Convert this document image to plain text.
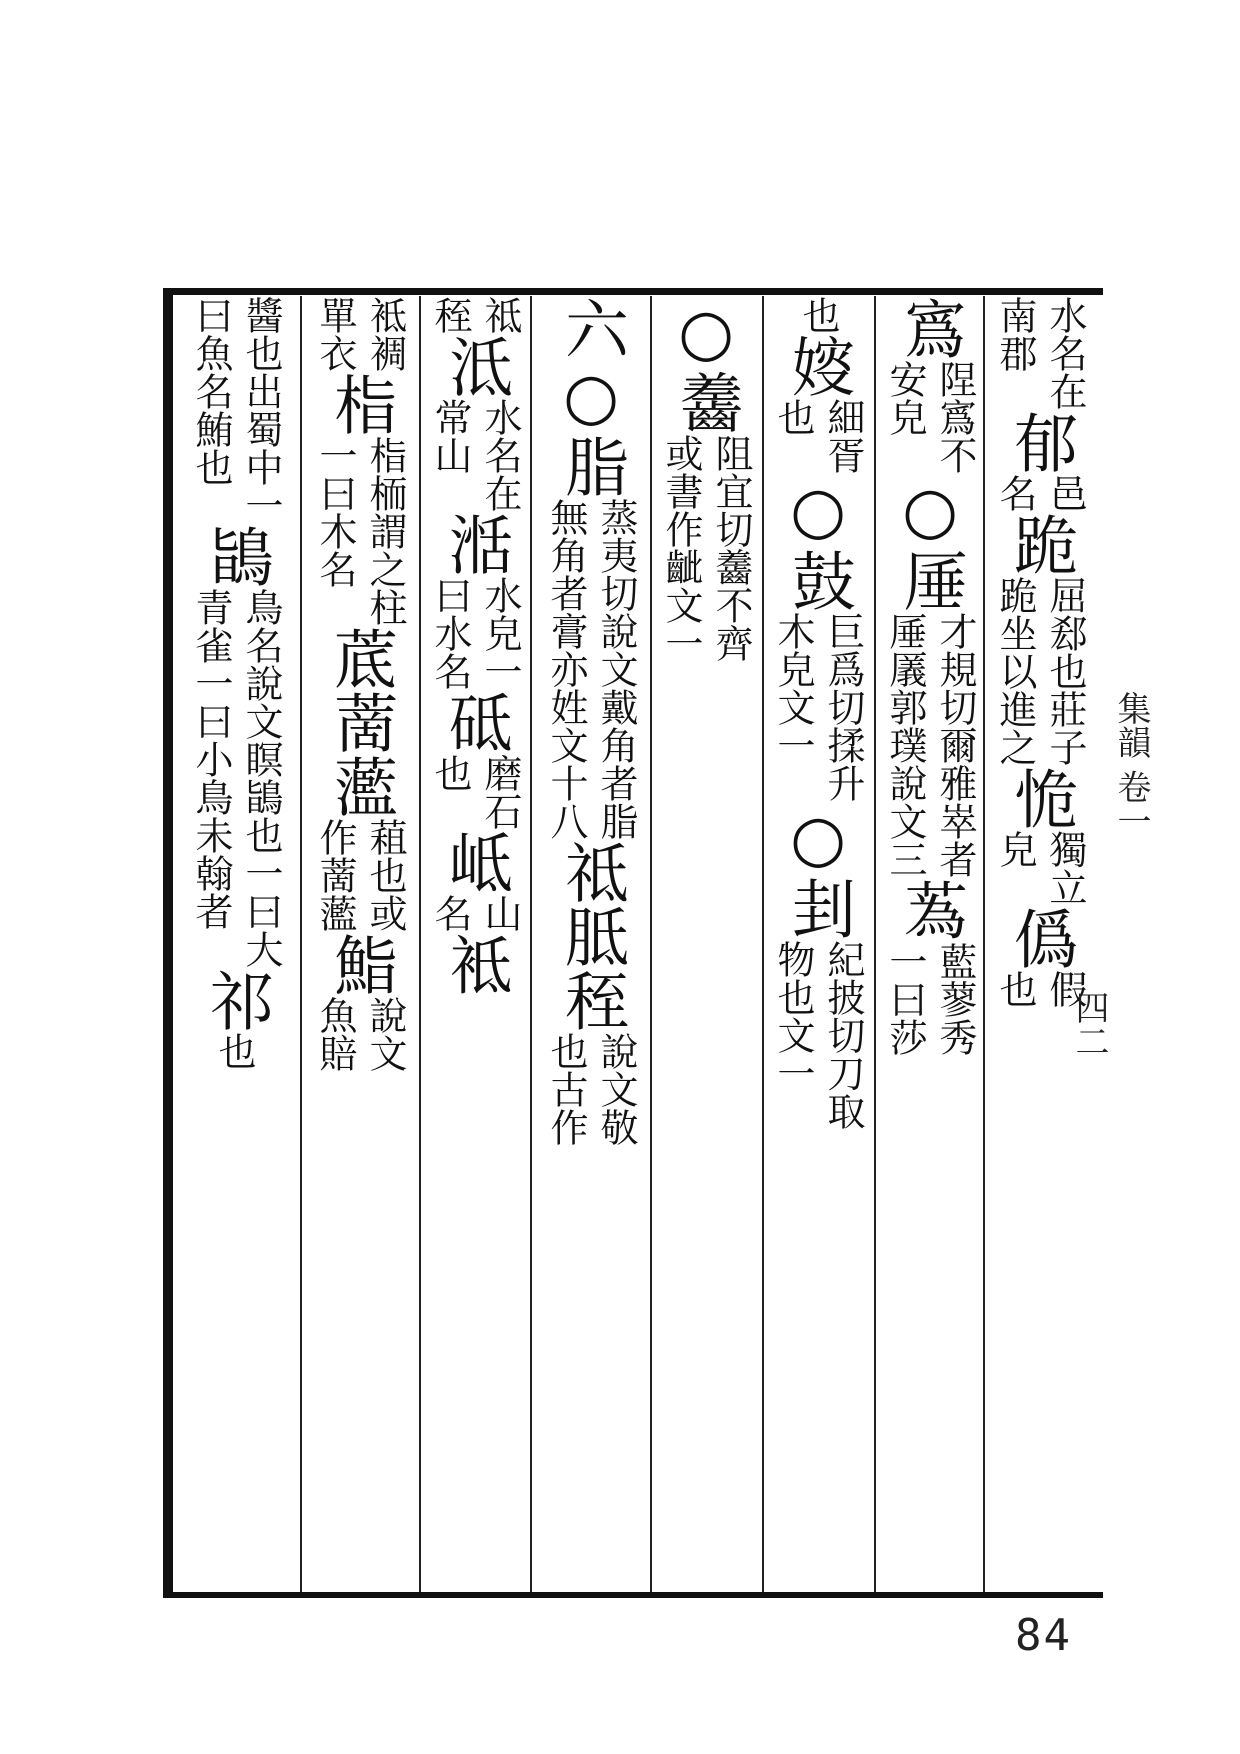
水名在
南郡
郁
邑
名
跪
屈郄也莊子
跪坐以進之
恑
獨立
皃
僞
假
也
寪
陧寪不
安皃
○
厜
才規切爾雅崒者
厜㕒郭璞說文三
蒍
藍蓼秀
一曰莎
也
㛮
細胥
也
○
鼓
巨爲切揉升
木皃文一
○
刲
紀披切刀取
物也文一
○
齹
阻宜切齹不齊
或書作齜文一
六
○
脂
蒸夷切說文戴角者脂
無角者膏亦姓文十八
祗
胝
秷
說文敬
也古作
祗
秷
泜
水名在
常山
湉
水皃一
曰水名
砥
磨石
也
岻
山
名
袛
袛裯
單衣
栺
栺栭謂之柱
一曰木名
菧
蔐
蘫
蒩也或
作蔐蘫
鮨
說文
魚賠
醬也出蜀中一
曰魚名鮪也
鴲
鳥名說文瞑鴲也一曰大
青雀一曰小鳥未翰者
祁
也
集韻 卷一
四二
84
